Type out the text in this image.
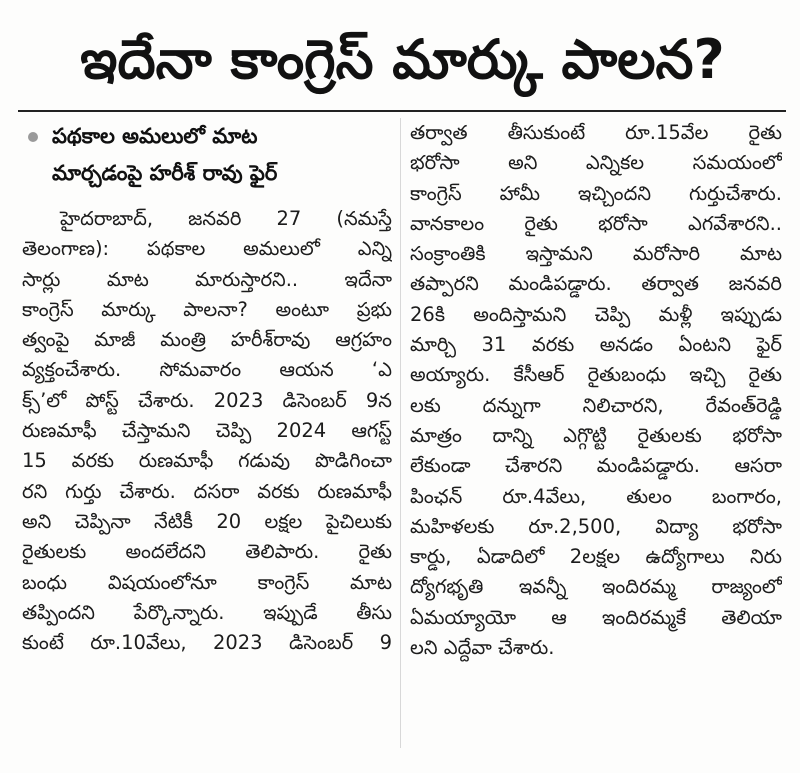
ఇదేనా కాంగ్రెస్ మార్కు పాలన?
పథకాల అమలులో మాట
మార్చడంపై హరీశ్ రావు ఫైర్
హైదరాబాద్, జనవరి 27 (నమస్తే
తెలంగాణ): పథకాల అమలులో ఎన్ని
సార్లు మాట మారుస్తారని.. ఇదేనా
కాంగ్రెస్ మార్కు పాలనా? అంటూ ప్రభు
త్వంపై మాజీ మంత్రి హరీశ్‌రావు ఆగ్రహం
వ్యక్తంచేశారు. సోమవారం ఆయన ‘ఎ
క్స్’లో పోస్ట్ చేశారు. 2023 డిసెంబర్ 9న
రుణమాఫీ చేస్తామని చెప్పి 2024 ఆగస్ట్
15 వరకు రుణమాఫీ గడువు పొడిగించా
రని గుర్తు చేశారు. దసరా వరకు రుణమాఫీ
అని చెప్పినా నేటికీ 20 లక్షల పైచిలుకు
రైతులకు అందలేదని తెలిపారు. రైతు
బంధు విషయంలోనూ కాంగ్రెస్ మాట
తప్పిందని పేర్కొన్నారు. ఇప్పుడే తీసు
కుంటే రూ.10వేలు, 2023 డిసెంబర్ 9
తర్వాత తీసుకుంటే రూ.15వేల రైతు
భరోసా అని ఎన్నికల సమయంలో
కాంగ్రెస్ హామీ ఇచ్చిందని గుర్తుచేశారు.
వానకాలం రైతు భరోసా ఎగవేశారని..
సంక్రాంతికి ఇస్తామని మరోసారి మాట
తప్పారని మండిపడ్డారు. తర్వాత జనవరి
26కి అందిస్తామని చెప్పి మళ్లీ ఇప్పుడు
మార్చి 31 వరకు అనడం ఏంటని ఫైర్
అయ్యారు. కేసీఆర్ రైతుబంధు ఇచ్చి రైతు
లకు దన్నుగా నిలిచారని, రేవంత్‌రెడ్డి
మాత్రం దాన్ని ఎగ్గొట్టి రైతులకు భరోసా
లేకుండా చేశారని మండిపడ్డారు. ఆసరా
పింఛన్ రూ.4వేలు, తులం బంగారం,
మహిళలకు రూ.2,500, విద్యా భరోసా
కార్డు, ఏడాదిలో 2లక్షల ఉద్యోగాలు నిరు
ద్యోగభృతి ఇవన్నీ ఇందిరమ్మ రాజ్యంలో
ఏమయ్యాయో ఆ ఇందిరమ్మకే తెలియా
లని ఎద్దేవా చేశారు.
